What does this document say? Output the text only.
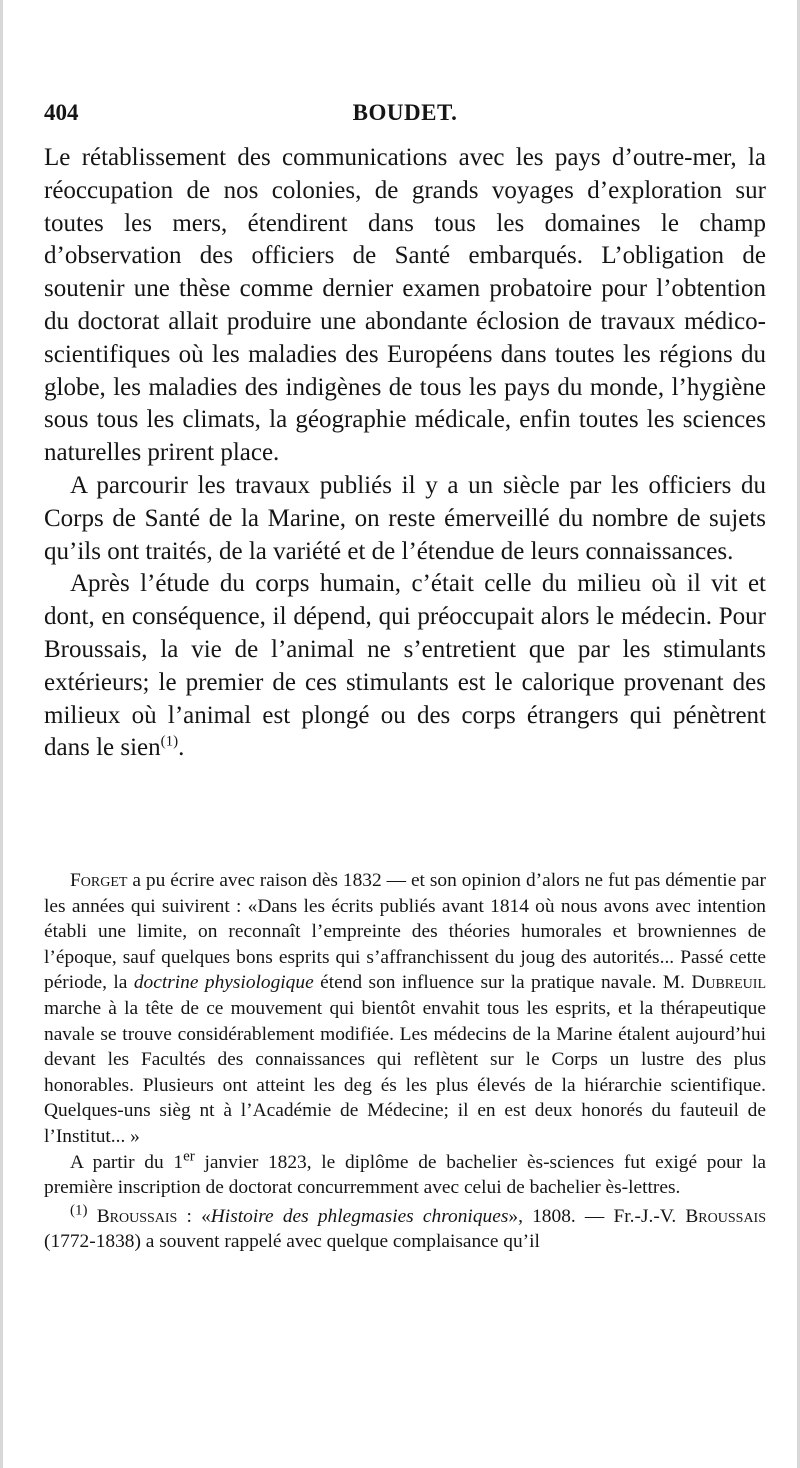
404	BOUDET.

Le rétablissement des communications avec les pays d’outre-mer, la réoccupation de nos colonies, de grands voyages d’exploration sur toutes les mers, étendirent dans tous les domaines le champ d’observation des officiers de Santé embarqués. L’obligation de soutenir une thèse comme dernier examen probatoire pour l’obtention du doctorat allait produire une abondante éclosion de travaux médico-scientifiques où les maladies des Européens dans toutes les régions du globe, les maladies des indigènes de tous les pays du monde, l’hygiène sous tous les climats, la géographie médicale, enfin toutes les sciences naturelles prirent place.

A parcourir les travaux publiés il y a un siècle par les officiers du Corps de Santé de la Marine, on reste émerveillé du nombre de sujets qu’ils ont traités, de la variété et de l’étendue de leurs connaissances.

Après l’étude du corps humain, c’était celle du milieu où il vit et dont, en conséquence, il dépend, qui préoccupait alors le médecin. Pour Broussais, la vie de l’animal ne s’entretient que par les stimulants extérieurs; le premier de ces stimulants est le calorique provenant des milieux où l’animal est plongé ou des corps étrangers qui pénètrent dans le sien$^{(1)}$.

Forget a pu écrire avec raison dès 1832 — et son opinion d’alors ne fut pas démentie par les années qui suivirent : «Dans les écrits publiés avant 1814 où nous avons avec intention établi une limite, on reconnaît l’empreinte des théories humorales et browniennes de l’époque, sauf quelques bons esprits qui s’affranchissent du joug des autorités... Passé cette période, la doctrine physiologique étend son influence sur la pratique navale. M. Dubreuil marche à la tête de ce mouvement qui bientôt envahit tous les esprits, et la thérapeutique navale se trouve considérablement modifiée. Les médecins de la Marine étalent aujourd’hui devant les Facultés des connaissances qui reflètent sur le Corps un lustre des plus honorables. Plusieurs ont atteint les deg és les plus élevés de la hiérarchie scientifique. Quelques-uns sièg nt à l’Académie de Médecine; il en est deux honorés du fauteuil de l’Institut... »

A partir du 1er janvier 1823, le diplôme de bachelier ès-sciences fut exigé pour la première inscription de doctorat concurremment avec celui de bachelier ès-lettres.

$^{(1)}$ Broussais : «Histoire des phlegmasies chroniques», 1808. — Fr.-J.-V. Broussais (1772-1838) a souvent rappelé avec quelque complaisance qu’il
